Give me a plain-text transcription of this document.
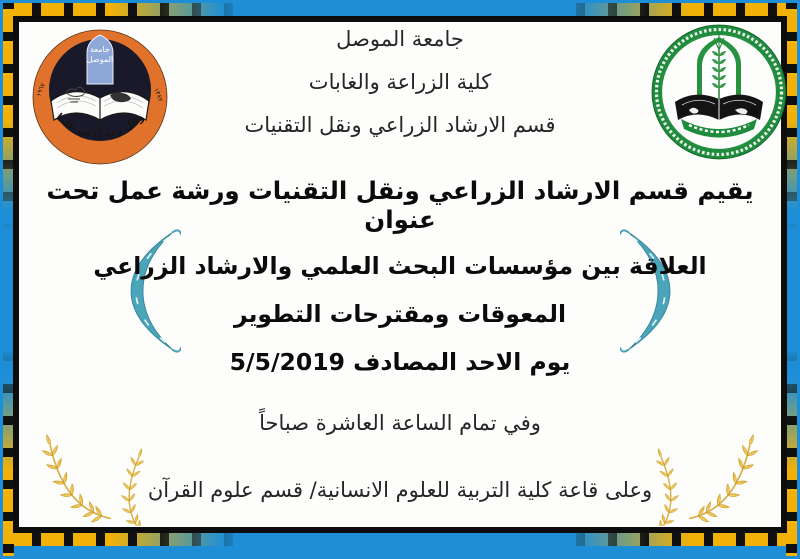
جامعة
الموصل
وقل رب زدني علما
١٣٨٧
١٩٦٧
جامعة الموصل
كلية الزراعة والغابات
قسم الارشاد الزراعي ونقل التقنيات
يقيم قسم الارشاد الزراعي ونقل التقنيات ورشة عمل تحت عنوان
العلاقة بين مؤسسات البحث العلمي والارشاد الزراعي
المعوقات ومقترحات التطوير
يوم الاحد المصادف 5/5/2019
وفي تمام الساعة العاشرة صباحاً
وعلى قاعة كلية التربية للعلوم الانسانية/ قسم علوم القرآن
